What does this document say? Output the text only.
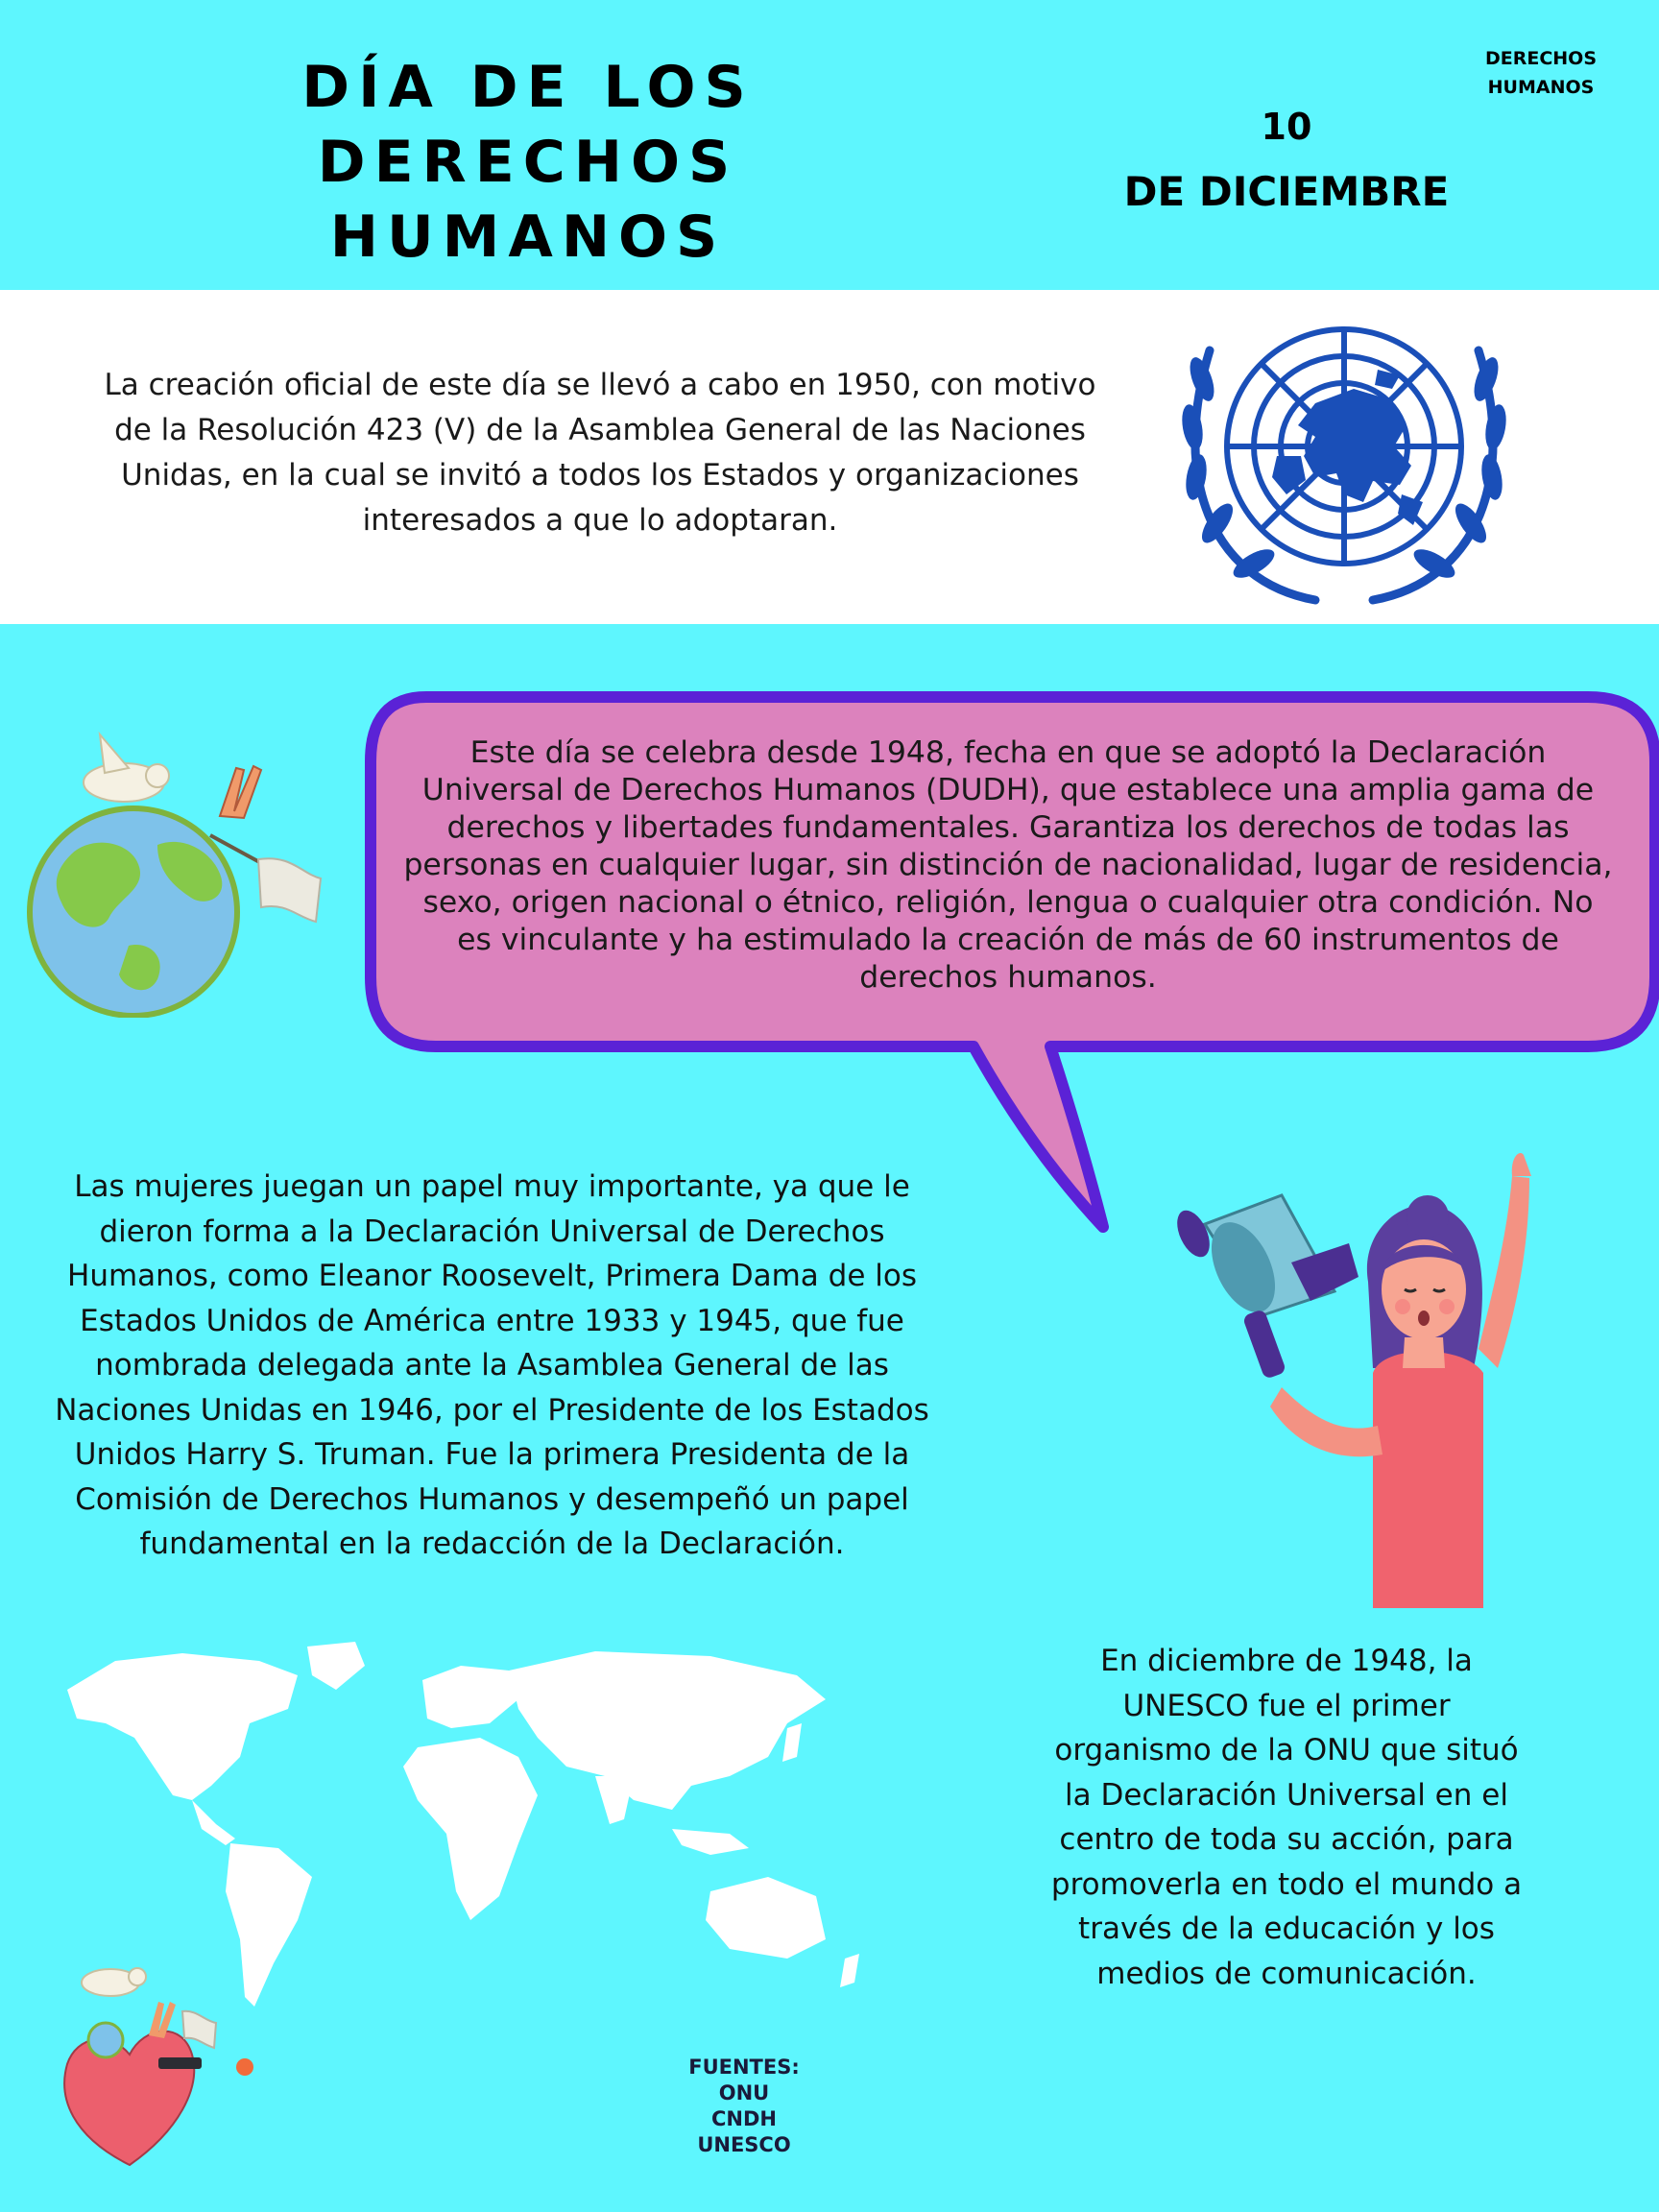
DÍA DE LOS DERECHOS
HUMANOS
DERECHOS
HUMANOS
10
DE DICIEMBRE
La creación oficial de este día se llevó a cabo en 1950, con motivo de la Resolución 423 (V) de la Asamblea General de las Naciones Unidas, en la cual se invitó a todos los Estados y organizaciones interesados a que lo adoptaran.
Este día se celebra desde 1948, fecha en que se adoptó la Declaración Universal de Derechos Humanos (DUDH), que establece una amplia gama de derechos y libertades fundamentales. Garantiza los derechos de todas las personas en cualquier lugar, sin distinción de nacionalidad, lugar de residencia, sexo, origen nacional o étnico, religión, lengua o cualquier otra condición. No es vinculante y ha estimulado la creación de más de 60 instrumentos de derechos humanos.
Las mujeres juegan un papel muy importante, ya que le dieron forma a la Declaración Universal de Derechos Humanos, como Eleanor Roosevelt, Primera Dama de los Estados Unidos de América entre 1933 y 1945, que fue nombrada delegada ante la Asamblea General de las Naciones Unidas en 1946, por el Presidente de los Estados Unidos Harry S. Truman. Fue la primera Presidenta de la Comisión de Derechos Humanos y desempeñó un papel fundamental en la redacción de la Declaración.
En diciembre de 1948, la UNESCO fue el primer organismo de la ONU que situó la Declaración Universal en el centro de toda su acción, para promoverla en todo el mundo a través de la educación y los medios de comunicación.
FUENTES:
ONU
CNDH
UNESCO
